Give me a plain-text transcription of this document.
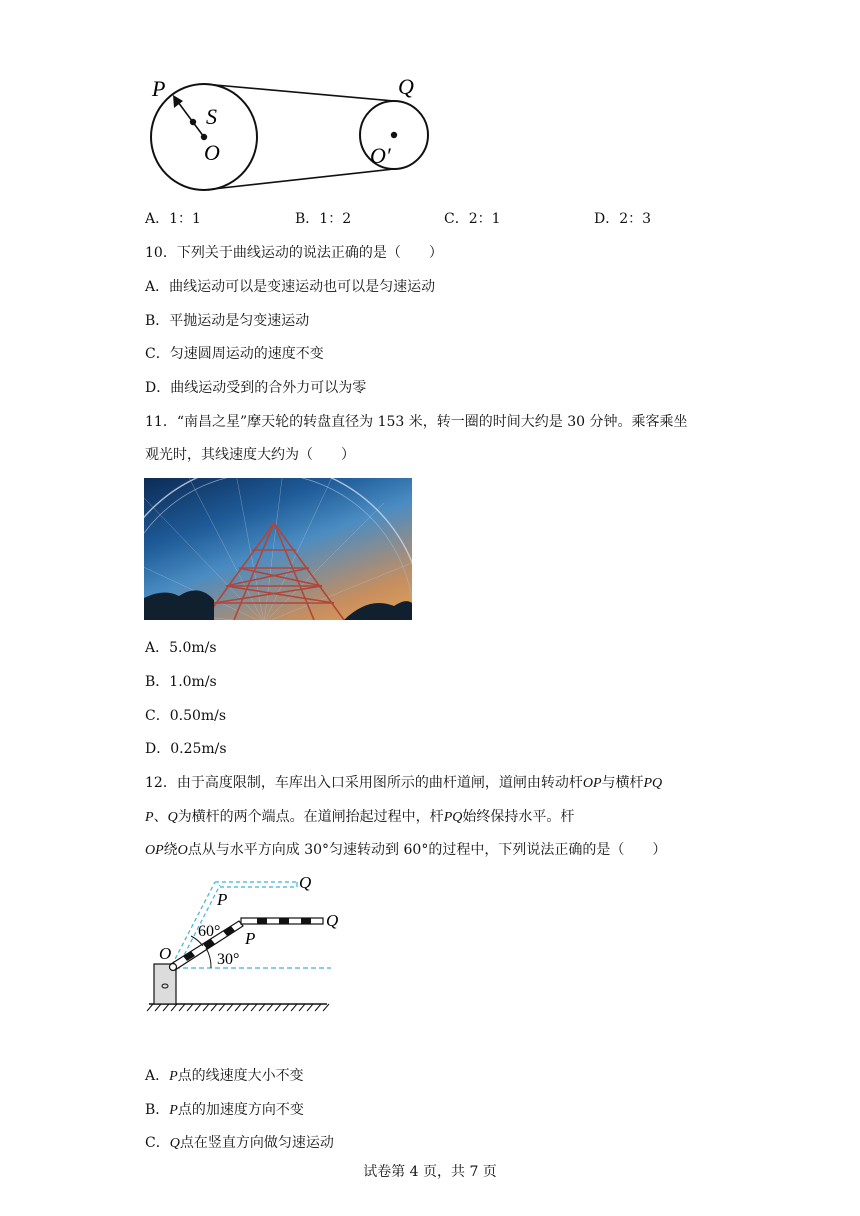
P
S
O
Q
O′
A．1：1	B．1：2	C．2：1	D．2：3
10．下列关于曲线运动的说法正确的是（　　）
A．曲线运动可以是变速运动也可以是匀速运动
B．平抛运动是匀变速运动
C．匀速圆周运动的速度不变
D．曲线运动受到的合外力可以为零
11．“南昌之星”摩天轮的转盘直径为 153 米，转一圈的时间大约是 30 分钟。乘客乘坐
观光时，其线速度大约为（　　）
A．5.0m/s
B．1.0m/s
C．0.50m/s
D．0.25m/s
12．由于高度限制，车库出入口采用图所示的曲杆道闸，道闸由转动杆OP与横杆PQ
P、Q为横杆的两个端点。在道闸抬起过程中，杆PQ始终保持水平。杆
OP绕O点从与水平方向成 30°匀速转动到 60°的过程中，下列说法正确的是（　　）
Q
P
O
60° P
Q
30°
A．P点的线速度大小不变
B．P点的加速度方向不变
C．Q点在竖直方向做匀速运动
试卷第 4 页，共 7 页
